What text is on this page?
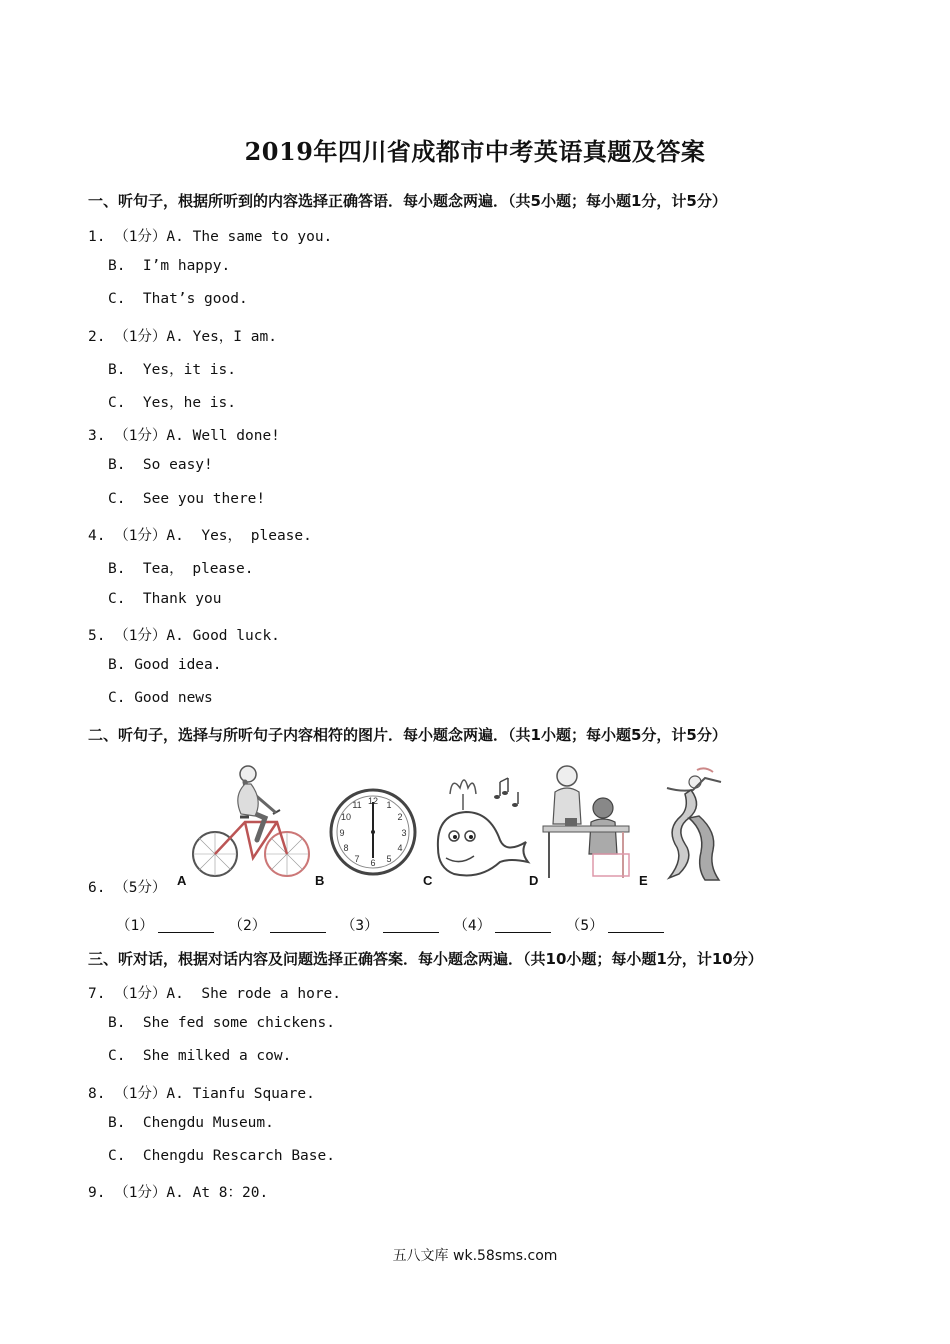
2019年四川省成都市中考英语真题及答案
一、听句子，根据所听到的内容选择正确答语．每小题念两遍．（共5小题；每小题1分，计5分）
1. （1分）A. The same to you.
B.  I’m happy.
C.  That’s good.
2. （1分）A. Yes，I am.
B.  Yes，it is.
C.  Yes，he is.
3. （1分）A. Well done!
B.  So easy!
C.  See you there!
4. （1分）A.  Yes， please.
B.  Tea， please.
C.  Thank you
5. （1分）A. Good luck.
B. Good idea.
C. Good news
二、听句子，选择与所听句子内容相符的图片．每小题念两遍．（共1小题；每小题5分，计5分）
6. （5分） A
12 1
2
3
4
5
6
7
8
9
10
11
B	C	D	E
（1）	（2）	（3）	（4）	（5）
三、听对话，根据对话内容及问题选择正确答案．每小题念两遍．（共10小题；每小题1分，计10分）
7. （1分）A.  She rode a hore.
B.  She fed some chickens.
C.  She milked a cow.
8. （1分）A. Tianfu Square.
B.  Chengdu Museum.
C.  Chengdu Rescarch Base.
9. （1分）A. At 8：20.
五八文库 wk.58sms.com
